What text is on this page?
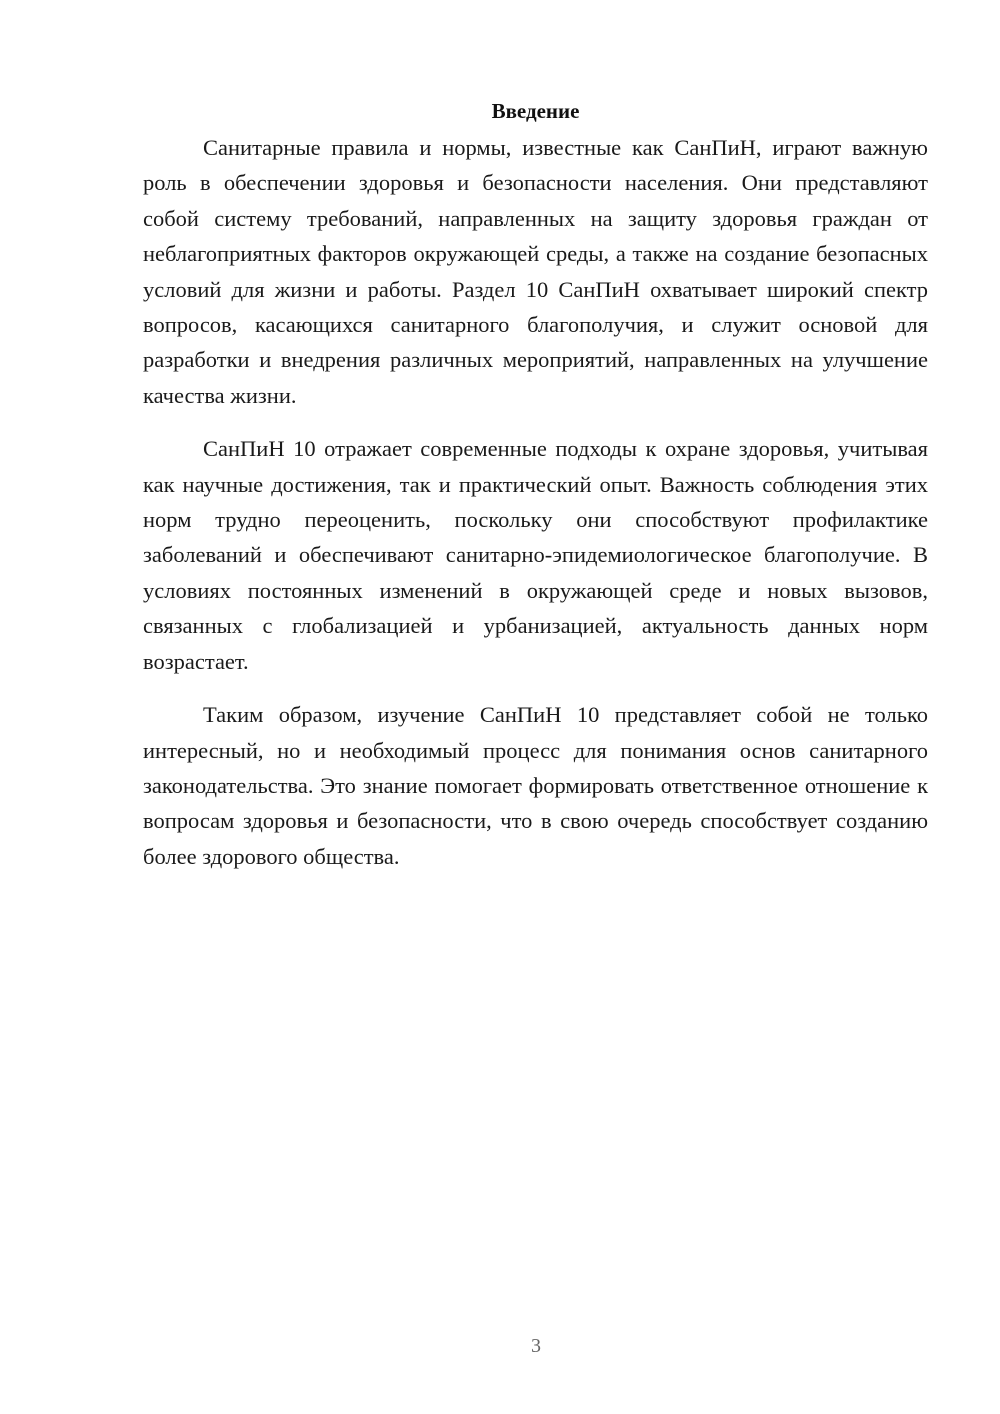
Введение

Санитарные правила и нормы, известные как СанПиН, играют важную роль в обеспечении здоровья и безопасности населения. Они представляют собой систему требований, направленных на защиту здоровья граждан от неблагоприятных факторов окружающей среды, а также на создание безопасных условий для жизни и работы. Раздел 10 СанПиН охватывает широкий спектр вопросов, касающихся санитарного благополучия, и служит основой для разработки и внедрения различных мероприятий, направленных на улучшение качества жизни.

СанПиН 10 отражает современные подходы к охране здоровья, учитывая как научные достижения, так и практический опыт. Важность соблюдения этих норм трудно переоценить, поскольку они способствуют профилактике заболеваний и обеспечивают санитарно-эпидемиологическое благополучие. В условиях постоянных изменений в окружающей среде и новых вызовов, связанных с глобализацией и урбанизацией, актуальность данных норм возрастает.

Таким образом, изучение СанПиН 10 представляет собой не только интересный, но и необходимый процесс для понимания основ санитарного законодательства. Это знание помогает формировать ответственное отношение к вопросам здоровья и безопасности, что в свою очередь способствует созданию более здорового общества.

3
